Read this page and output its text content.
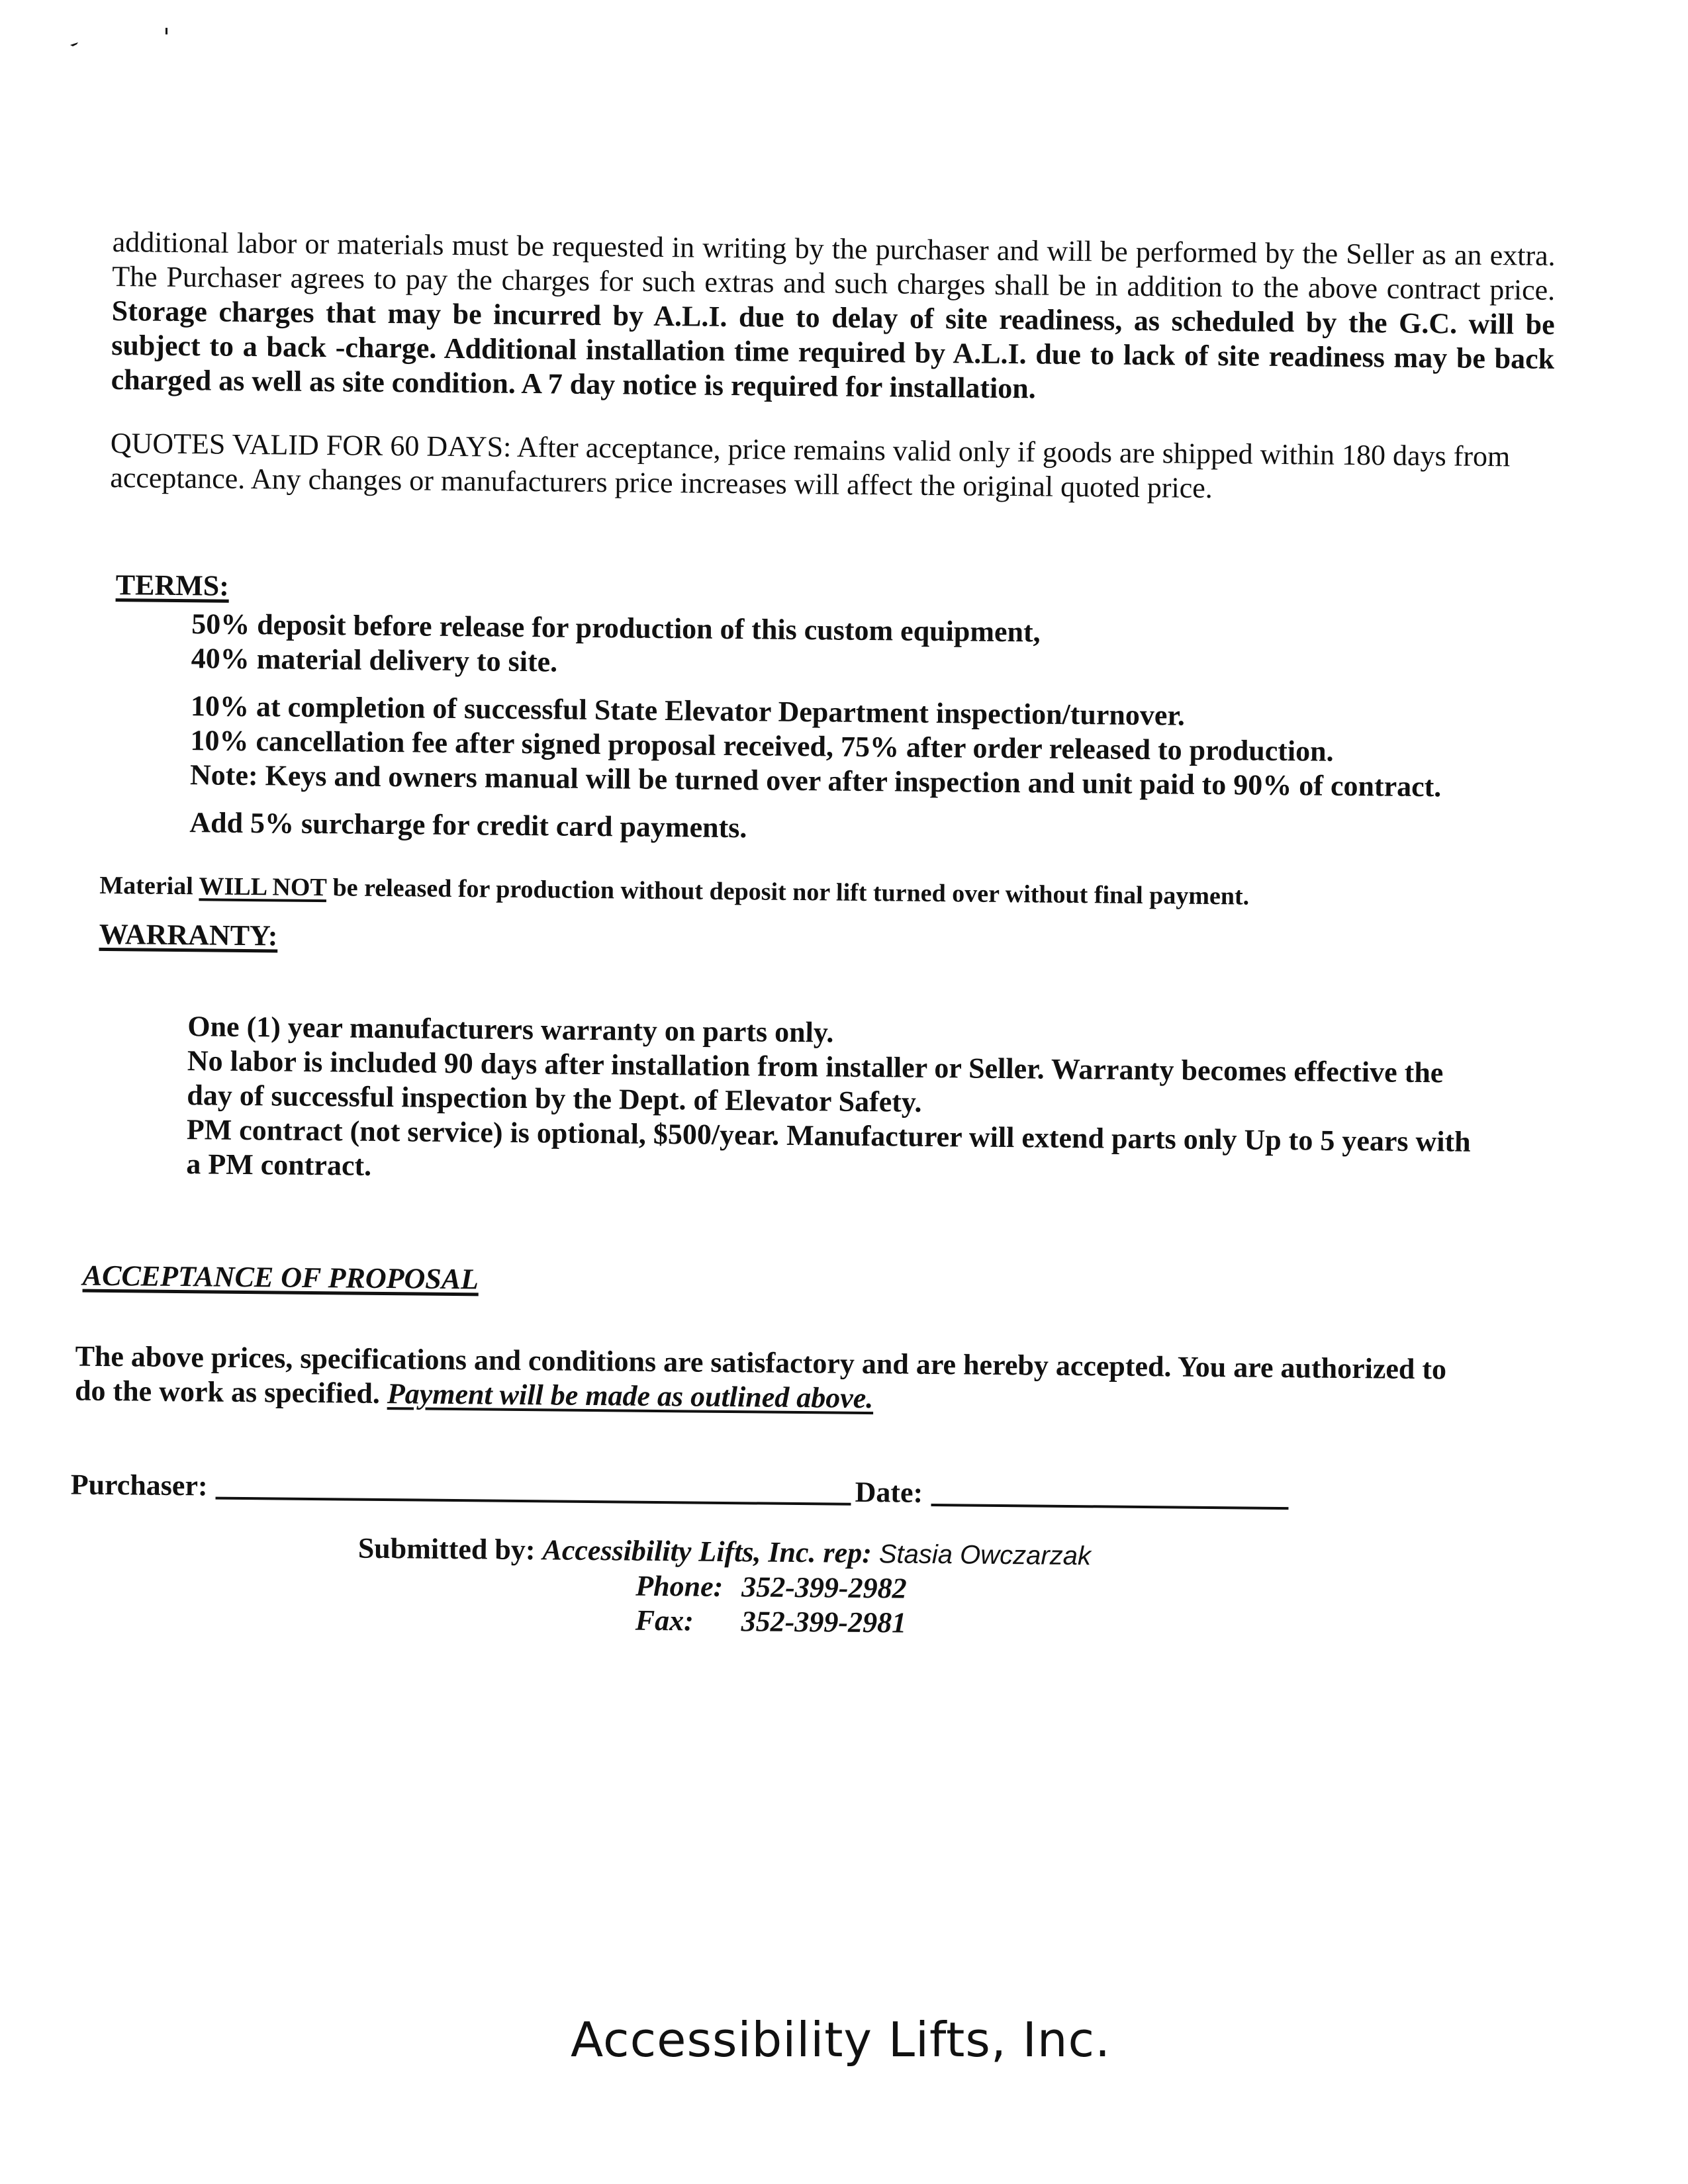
additional labor or materials must be requested in writing by the purchaser and will be performed by the Seller as an extra. The Purchaser agrees to pay the charges for such extras and such charges shall be in addition to the above contract price. Storage charges that may be incurred by A.L.I. due to delay of site readiness, as scheduled by the G.C. will be subject to a back -charge. Additional installation time required by A.L.I. due to lack of site readiness may be back charged as well as site condition. A 7 day notice is required for installation.

QUOTES VALID FOR 60 DAYS: After acceptance, price remains valid only if goods are shipped within 180 days from acceptance. Any changes or manufacturers price increases will affect the original quoted price.

TERMS:
50% deposit before release for production of this custom equipment,
40% material delivery to site.
10% at completion of successful State Elevator Department inspection/turnover.
10% cancellation fee after signed proposal received, 75% after order released to production.
Note: Keys and owners manual will be turned over after inspection and unit paid to 90% of contract.
Add 5% surcharge for credit card payments.

Material WILL NOT be released for production without deposit nor lift turned over without final payment.

WARRANTY:
One (1) year manufacturers warranty on parts only.
No labor is included 90 days after installation from installer or Seller. Warranty becomes effective the day of successful inspection by the Dept. of Elevator Safety.
PM contract (not service) is optional, $500/year. Manufacturer will extend parts only Up to 5 years with a PM contract.
ACCEPTANCE OF PROPOSAL

The above prices, specifications and conditions are satisfactory and are hereby accepted. You are authorized to do the work as specified. Payment will be made as outlined above.

Purchaser:	Date:
Submitted by: Accessibility Lifts, Inc. rep: Stasia Owczarzak
Phone: 352-399-2982
Fax: 352-399-2981
Accessibility Lifts, Inc.
